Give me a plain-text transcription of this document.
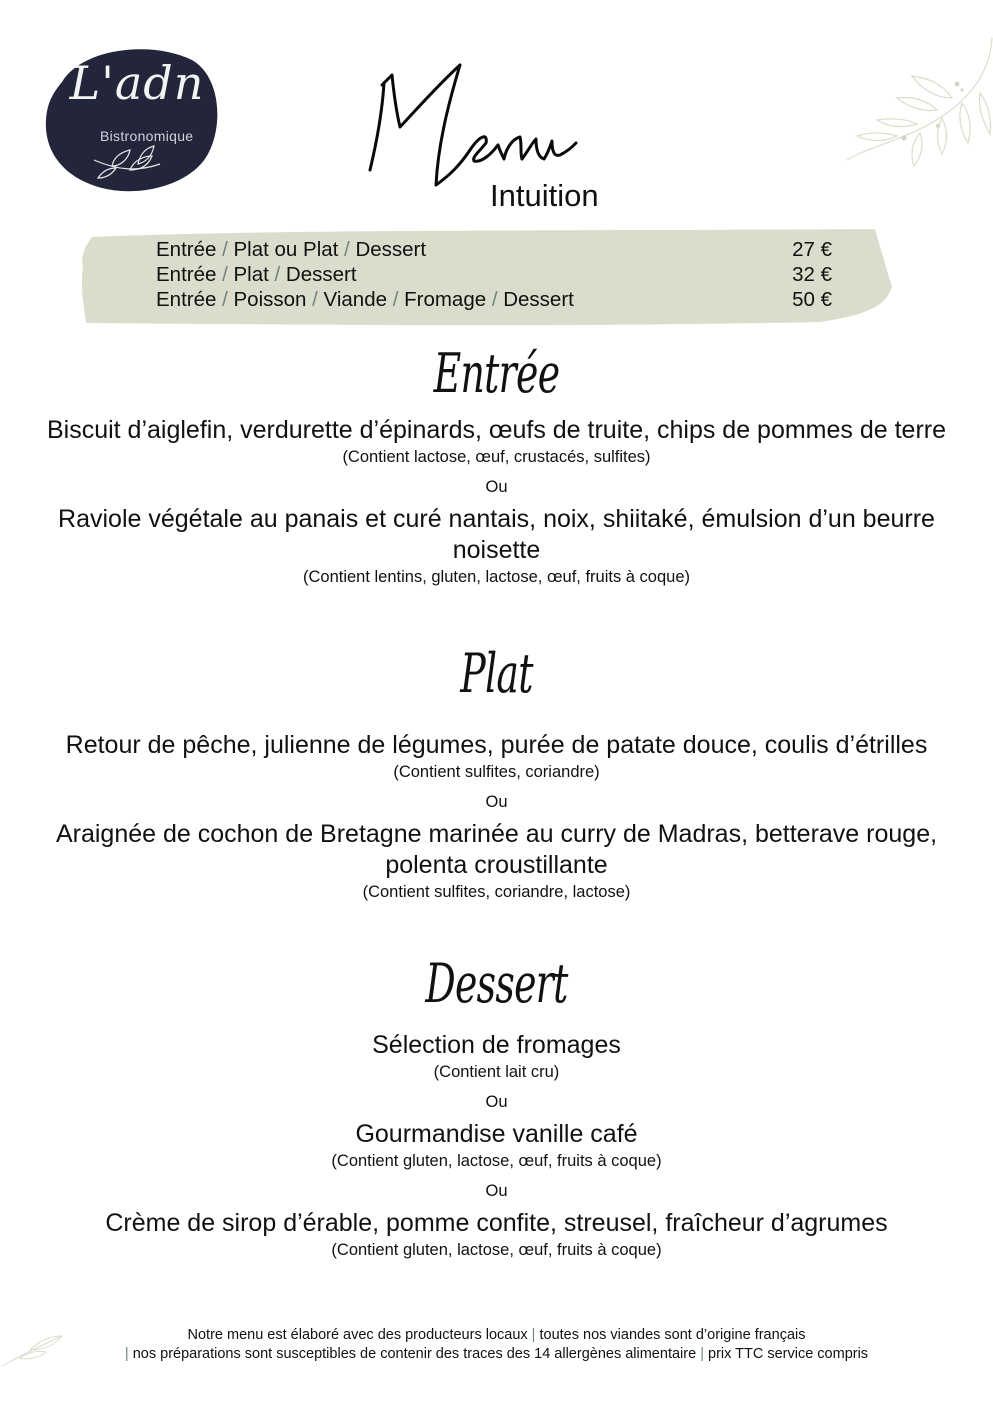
L'adn
Bistronomique
Intuition
Entrée / Plat ou Plat / Dessert	27 €
Entrée / Plat / Dessert	32 €
Entrée / Poisson / Viande / Fromage / Dessert	50 €
Entrée
Biscuit d’aiglefin, verdurette d’épinards, œufs de truite, chips de pommes de terre
(Contient lactose, œuf, crustacés, sulfites)
Ou
Raviole végétale au panais et curé nantais, noix, shiitaké, émulsion d’un beurre noisette
(Contient lentins, gluten, lactose, œuf, fruits à coque)
Plat
Retour de pêche, julienne de légumes, purée de patate douce, coulis d’étrilles
(Contient sulfites, coriandre)
Ou
Araignée de cochon de Bretagne marinée au curry de Madras, betterave rouge, polenta croustillante
(Contient sulfites, coriandre, lactose)
Dessert
Sélection de fromages
(Contient lait cru)
Ou
Gourmandise vanille café
(Contient gluten, lactose, œuf, fruits à coque)
Ou
Crème de sirop d’érable, pomme confite, streusel, fraîcheur d’agrumes
(Contient gluten, lactose, œuf, fruits à coque)
Notre menu est élaboré avec des producteurs locaux | toutes nos viandes sont d’origine français
| nos préparations sont susceptibles de contenir des traces des 14 allergènes alimentaire | prix TTC service compris
